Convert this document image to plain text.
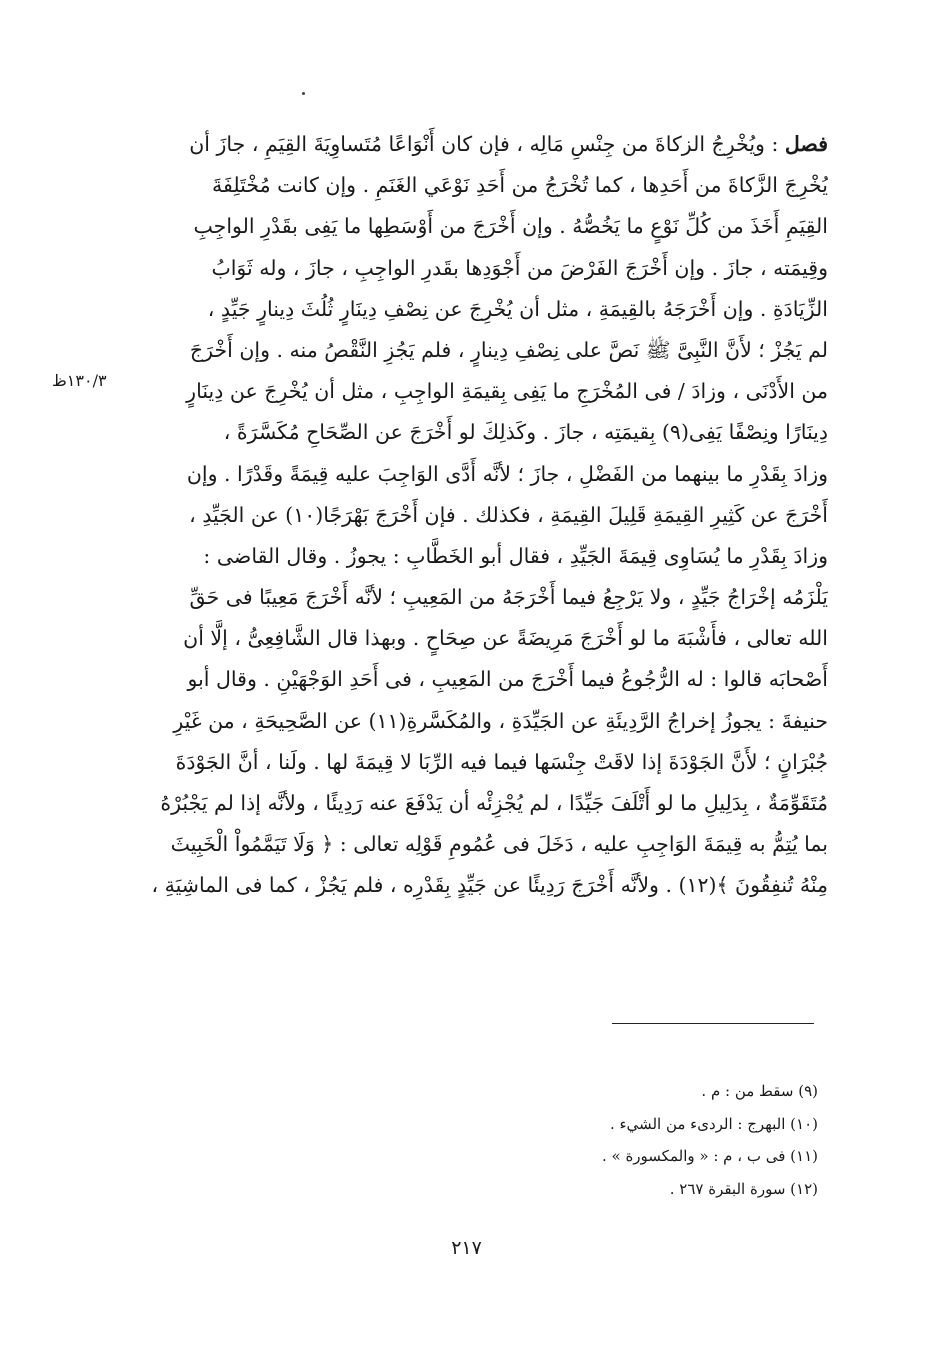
فصل : ويُخْرِجُ الزكاةَ من جِنْسِ مَالِه ، فإن كان أَنْوَاعًا مُتَساوِيَةَ القِيَمِ ، جازَ أن
يُخْرِجَ الزَّكاةَ من أَحَدِها ، كما تُخْرَجُ من أَحَدِ نَوْعَي الغَنَمِ . وإن كانت مُخْتَلِفَةَ
القِيَمِ أَخَذَ من كُلِّ نَوْعٍ ما يَخُصُّهُ . وإن أَخْرَجَ من أَوْسَطِها ما يَفِى بقَدْرِ الواجِبِ
وقِيمَته ، جازَ . وإن أَخْرَجَ الفَرْضَ من أَجْوَدِها بقَدرِ الواجِبِ ، جازَ ، وله ثَوَابُ
الزِّيَادَةِ . وإن أَخْرَجَهُ بالقِيمَةِ ، مثل أن يُخْرِجَ عن نِصْفِ دِينَارٍ ثُلُثَ دِينارٍ جَيِّدٍ ،
لم يَجُزْ ؛ لأَنَّ النَّبِىَّ ﷺ نَصَّ على نِصْفِ دِينارٍ ، فلم يَجُزِ النَّقْصُ منه . وإن أَخْرَجَ
من الأَدْنَى ، وزادَ / فى المُخْرَجِ ما يَفِى بِقيمَةِ الواجِبِ ، مثل أن يُخْرِجَ عن دِينَارٍ
دِينَارًا ونِصْفًا يَفِى(٩) بِقيمَتِه ، جازَ . وكَذلِكَ لو أَخْرَجَ عن الصِّحَاحِ مُكَسَّرَةً ،
وزادَ بِقَدْرِ ما بينهما من الفَضْلِ ، جازَ ؛ لأنَّه أَدَّى الوَاجِبَ عليه قِيمَةً وقَدْرًا . وإن
أَخْرَجَ عن كَثِيرِ القِيمَةِ قَلِيلَ القِيمَةِ ، فكذلك . فإن أَخْرَجَ بَهْرَجًا(١٠) عن الجَيِّدِ ،
وزادَ بِقَدْرِ ما يُسَاوِى قِيمَةَ الجَيِّدِ ، فقال أبو الخَطَّابِ : يجوزُ . وقال القاضى :
يَلْزَمُه إخْرَاجُ جَيِّدٍ ، ولا يَرْجِعُ فيما أَخْرَجَهُ من المَعِيبِ ؛ لأنَّه أَخْرَجَ مَعِيبًا فى حَقِّ
الله تعالى ، فأَشْبَهَ ما لو أَخْرَجَ مَرِيضَةً عن صِحَاحٍ . وبهذا قال الشَّافِعِىُّ ، إلَّا أن
أَصْحابَه قالوا : له الرُّجُوعُ فيما أَخْرَجَ من المَعِيبِ ، فى أَحَدِ الوَجْهَيْنِ . وقال أبو
حنيفةَ : يجوزُ إخراجُ الرَّدِيئَةِ عن الجَيِّدَةِ ، والمُكَسَّرةِ(١١) عن الصَّحِيحَةِ ، من غَيْرِ
جُبْرَانٍ ؛ لأَنَّ الجَوْدَةَ إذا لاقَتْ جِنْسَها فيما فيه الرِّبَا لا قِيمَةَ لها . ولَنا ، أنَّ الجَوْدَةَ
مُتَقَوِّمَةٌ ، بِدَلِيلِ ما لو أَتْلَفَ جَيِّدًا ، لم يُجْزِئْه أن يَدْفَعَ عنه رَدِيئًا ، ولأنَّه إذا لم يَجْبُرْهُ
بما يُتِمُّ به قِيمَةَ الوَاجِبِ عليه ، دَخَلَ فى عُمُومِ قَوْلِه تعالى : ﴿ وَلَا تَيَمَّمُواْ الْخَبِيثَ
مِنْهُ تُنفِقُونَ ﴾(١٢) . ولأنَّه أَخْرَجَ رَدِيئًا عن جَيِّدٍ بِقَدْرِه ، فلم يَجُزْ ، كما فى الماشِيَةِ ،
١٣٠/٣ظ
(٩) سقط من : م .
(١٠) البهرج : الردىء من الشيء .
(١١) فى ب ، م : « والمكسورة » .
(١٢) سورة البقرة ٢٦٧ .
٢١٧
